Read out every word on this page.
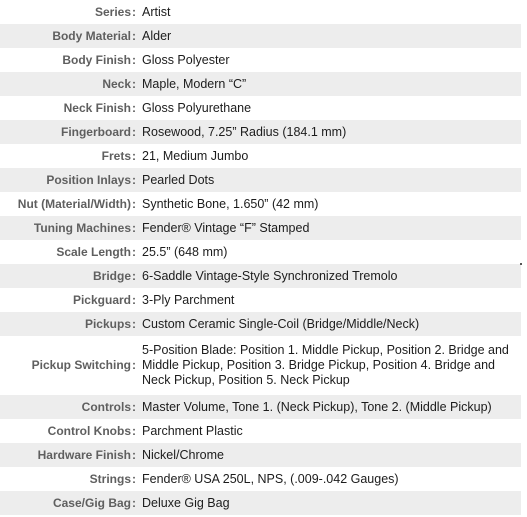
Series:	Artist
Body Material:	Alder
Body Finish:	Gloss Polyester
Neck:	Maple, Modern “C”
Neck Finish:	Gloss Polyurethane
Fingerboard:	Rosewood, 7.25” Radius (184.1 mm)
Frets:	21, Medium Jumbo
Position Inlays:	Pearled Dots
Nut (Material/Width):	Synthetic Bone, 1.650” (42 mm)
Tuning Machines:	Fender® Vintage “F” Stamped
Scale Length:	25.5” (648 mm)
Bridge:	6-Saddle Vintage-Style Synchronized Tremolo
Pickguard:	3-Ply Parchment
Pickups:	Custom Ceramic Single-Coil (Bridge/Middle/Neck)
Pickup Switching:	5-Position Blade: Position 1. Middle Pickup, Position 2. Bridge and Middle Pickup, Position 3. Bridge Pickup, Position 4. Bridge and Neck Pickup, Position 5. Neck Pickup
Controls:	Master Volume, Tone 1. (Neck Pickup), Tone 2. (Middle Pickup)
Control Knobs:	Parchment Plastic
Hardware Finish:	Nickel/Chrome
Strings:	Fender® USA 250L, NPS, (.009-.042 Gauges)
Case/Gig Bag:	Deluxe Gig Bag
